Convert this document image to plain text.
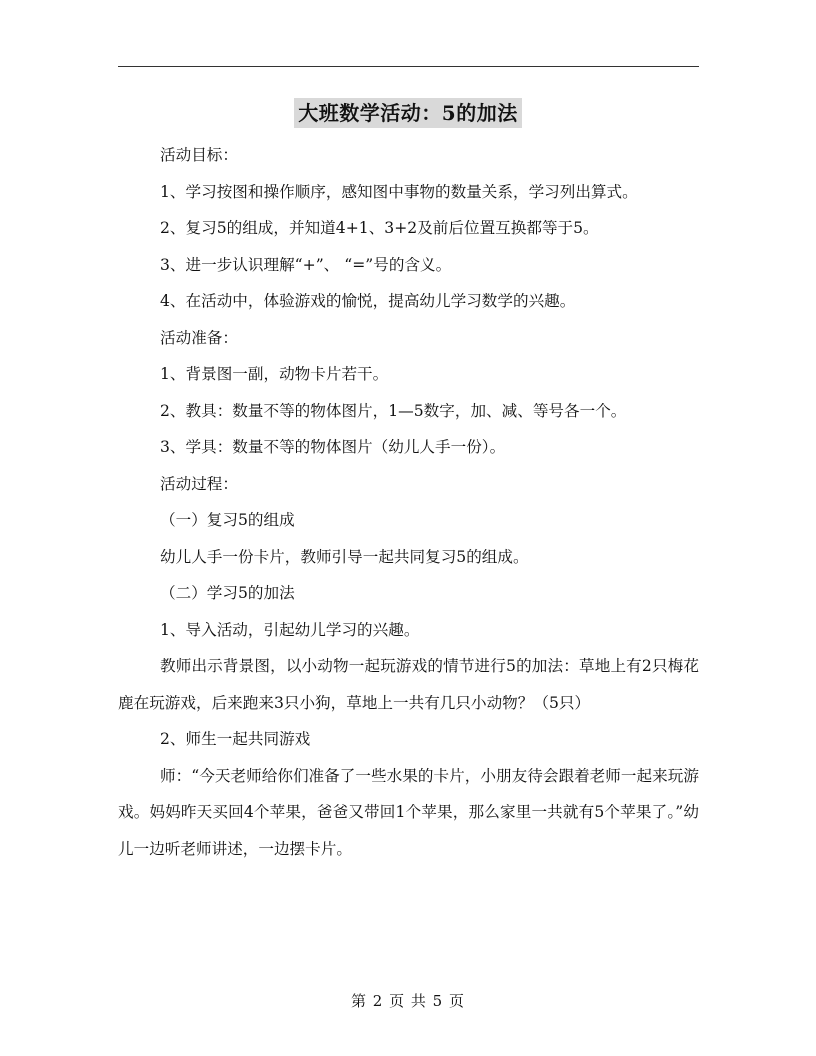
大班数学活动：5的加法

活动目标：

1、学习按图和操作顺序，感知图中事物的数量关系，学习列出算式。

2、复习5的组成，并知道4+1、3+2及前后位置互换都等于5。

3、进一步认识理解“+”、 “=”号的含义。

4、在活动中，体验游戏的愉悦，提高幼儿学习数学的兴趣。

活动准备：

1、背景图一副，动物卡片若干。

2、教具：数量不等的物体图片，1—5数字，加、减、等号各一个。

3、学具：数量不等的物体图片（幼儿人手一份）。

活动过程：

（一）复习5的组成

幼儿人手一份卡片，教师引导一起共同复习5的组成。

（二）学习5的加法

1、导入活动，引起幼儿学习的兴趣。

教师出示背景图，以小动物一起玩游戏的情节进行5的加法：草地上有2只梅花鹿在玩游戏，后来跑来3只小狗，草地上一共有几只小动物？（5只）

2、师生一起共同游戏

师：“今天老师给你们准备了一些水果的卡片，小朋友待会跟着老师一起来玩游戏。妈妈昨天买回4个苹果，爸爸又带回1个苹果，那么家里一共就有5个苹果了。”幼儿一边听老师讲述，一边摆卡片。

第 2 页 共 5 页
